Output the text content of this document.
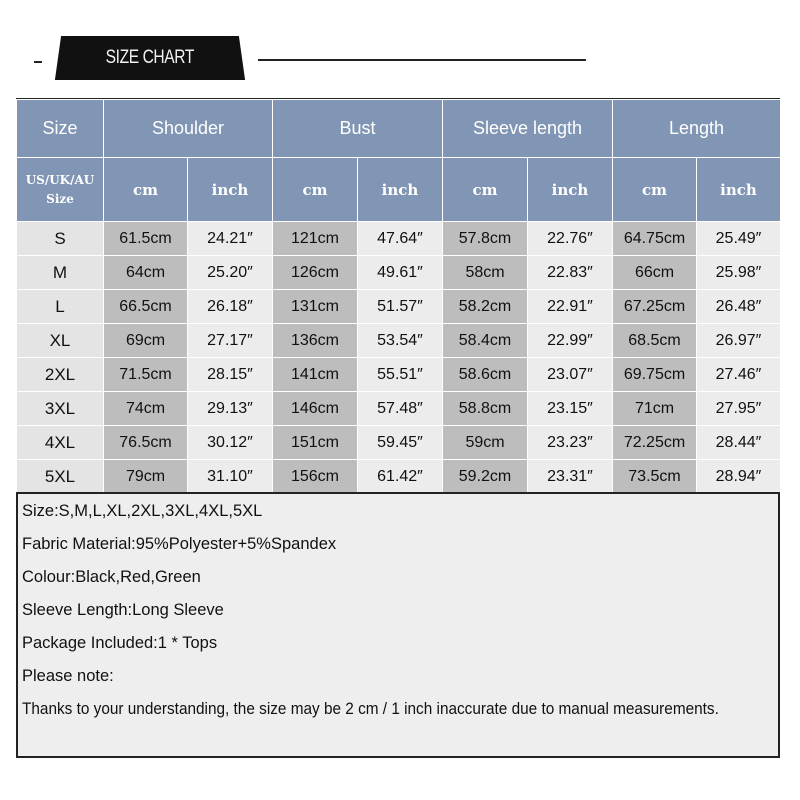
SIZE CHART
Size	Shoulder		Bust		Sleeve length		Length	
US/UK/AU Size	cm	inch	cm	inch	cm	inch	cm	inch
S	61.5cm	24.21″	121cm	47.64″	57.8cm	22.76″	64.75cm	25.49″
M	64cm	25.20″	126cm	49.61″	58cm	22.83″	66cm	25.98″
L	66.5cm	26.18″	131cm	51.57″	58.2cm	22.91″	67.25cm	26.48″
XL	69cm	27.17″	136cm	53.54″	58.4cm	22.99″	68.5cm	26.97″
2XL	71.5cm	28.15″	141cm	55.51″	58.6cm	23.07″	69.75cm	27.46″
3XL	74cm	29.13″	146cm	57.48″	58.8cm	23.15″	71cm	27.95″
4XL	76.5cm	30.12″	151cm	59.45″	59cm	23.23″	72.25cm	28.44″
5XL	79cm	31.10″	156cm	61.42″	59.2cm	23.31″	73.5cm	28.94″
Size:S,M,L,XL,2XL,3XL,4XL,5XL
Fabric Material:95%Polyester+5%Spandex
Colour:Black,Red,Green
Sleeve Length:Long Sleeve
Package Included:1 * Tops
Please note:
Thanks to your understanding, the size may be 2 cm / 1 inch inaccurate due to manual measurements.
